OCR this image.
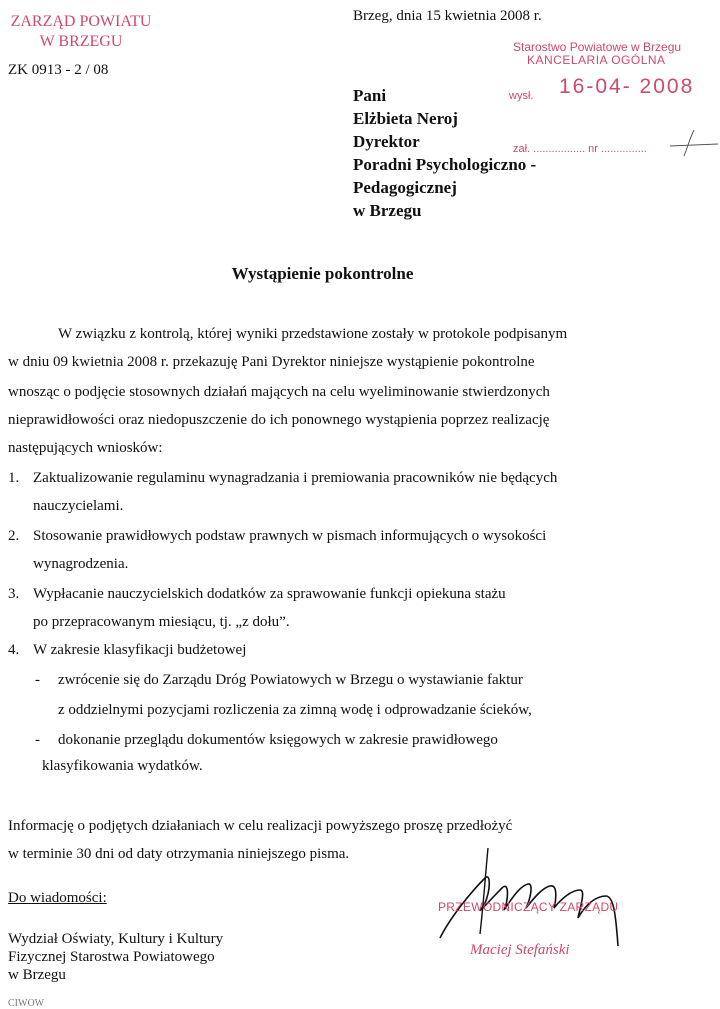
ZARZĄD POWIATU
W BRZEGU
ZK 0913 - 2 / 08
Brzeg, dnia 15 kwietnia 2008 r.
Starostwo Powiatowe w Brzegu
KANCELARIA OGÓLNA
wysł. 16-04- 2008
zał. ................. nr ...............
Pani
Elżbieta Neroj
Dyrektor
Poradni Psychologiczno -
Pedagogicznej
w Brzegu
Wystąpienie pokontrolne
W związku z kontrolą, której wyniki przedstawione zostały w protokole podpisanym
w dniu 09 kwietnia 2008 r. przekazuję Pani Dyrektor niniejsze wystąpienie pokontrolne
wnosząc o podjęcie stosownych działań mających na celu wyeliminowanie stwierdzonych
nieprawidłowości oraz niedopuszczenie do ich ponownego wystąpienia poprzez realizację
następujących wniosków:
1. Zaktualizowanie regulaminu wynagradzania i premiowania pracowników nie będących
nauczycielami.
2. Stosowanie prawidłowych podstaw prawnych w pismach informujących o wysokości
wynagrodzenia.
3. Wypłacanie nauczycielskich dodatków za sprawowanie funkcji opiekuna stażu
po przepracowanym miesiącu, tj. „z dołu”.
4. W zakresie klasyfikacji budżetowej
- zwrócenie się do Zarządu Dróg Powiatowych w Brzegu o wystawianie faktur
z oddzielnymi pozycjami rozliczenia za zimną wodę i odprowadzanie ścieków,
- dokonanie przeglądu dokumentów księgowych w zakresie prawidłowego
klasyfikowania wydatków.
Informację o podjętych działaniach w celu realizacji powyższego proszę przedłożyć
w terminie 30 dni od daty otrzymania niniejszego pisma.
PRZEWODNICZĄCY ZARZĄDU
Maciej Stefański
Do wiadomości:
Wydział Oświaty, Kultury i Kultury
Fizycznej Starostwa Powiatowego
w Brzegu
CIWOW
